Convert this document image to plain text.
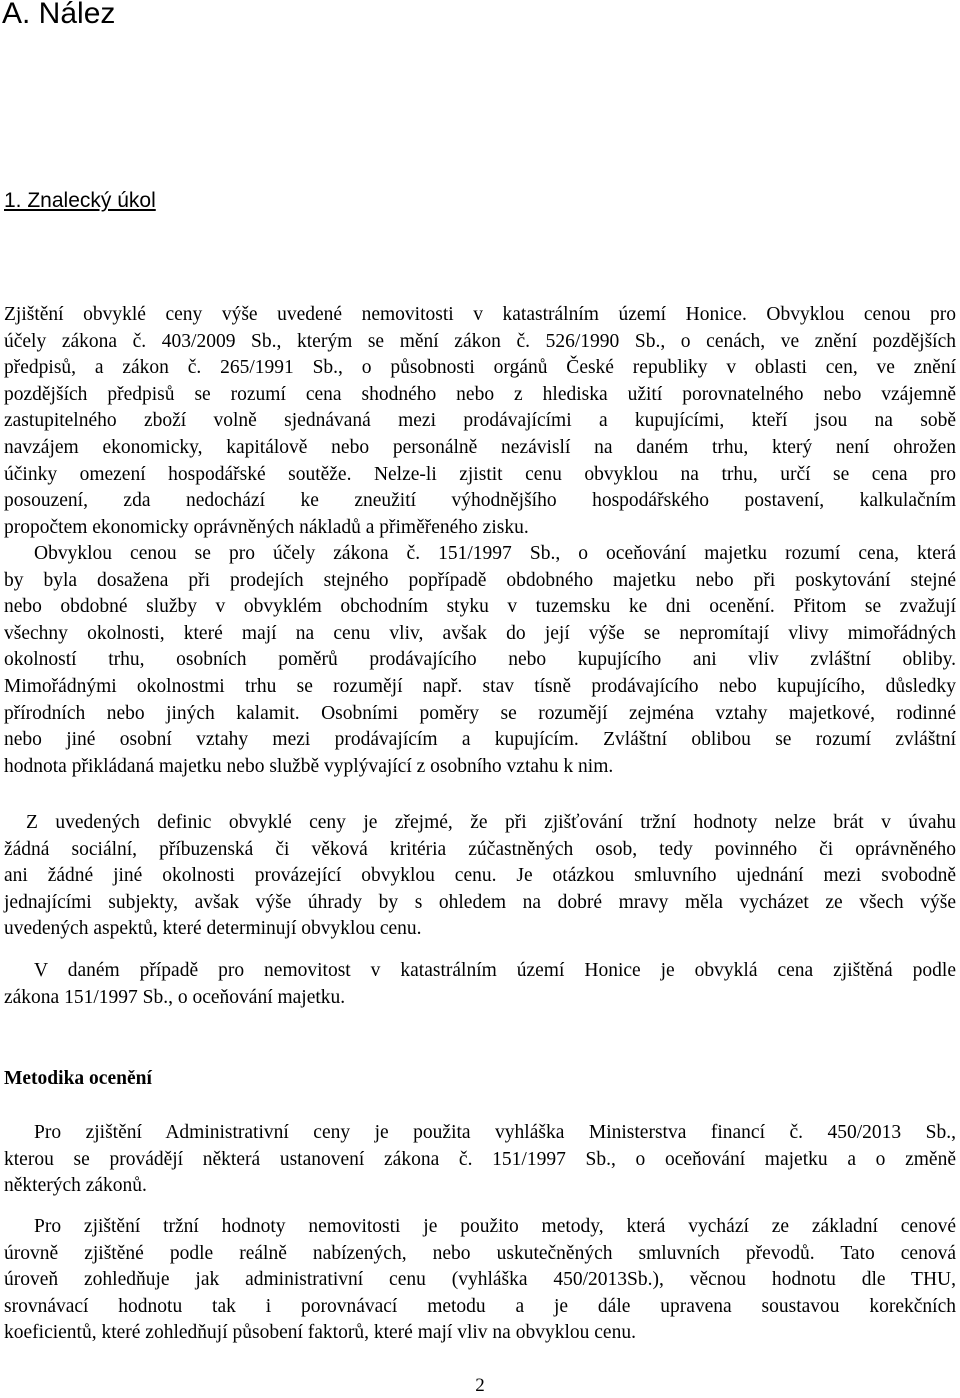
A. Nález
1. Znalecký úkol
Zjištění obvyklé ceny výše uvedené nemovitosti v katastrálním území Honice. Obvyklou cenou pro
účely zákona č. 403/2009 Sb., kterým se mění zákon č. 526/1990 Sb., o cenách, ve znění pozdějších
předpisů, a zákon č. 265/1991 Sb., o působnosti orgánů České republiky v oblasti cen, ve znění
pozdějších předpisů se rozumí cena shodného nebo z hlediska užití porovnatelného nebo vzájemně
zastupitelného zboží volně sjednávaná mezi prodávajícími a kupujícími, kteří jsou na sobě
navzájem ekonomicky, kapitálově nebo personálně nezávislí na daném trhu, který není ohrožen
účinky omezení hospodářské soutěže. Nelze-li zjistit cenu obvyklou na trhu, určí se cena pro
posouzení, zda nedochází ke zneužití výhodnějšího hospodářského postavení, kalkulačním
propočtem ekonomicky oprávněných nákladů a přiměřeného zisku.
Obvyklou cenou se pro účely zákona č. 151/1997 Sb., o oceňování majetku rozumí cena, která
by byla dosažena při prodejích stejného popřípadě obdobného majetku nebo při poskytování stejné
nebo obdobné služby v obvyklém obchodním styku v tuzemsku ke dni ocenění. Přitom se zvažují
všechny okolnosti, které mají na cenu vliv, avšak do její výše se nepromítají vlivy mimořádných
okolností trhu, osobních poměrů prodávajícího nebo kupujícího ani vliv zvláštní obliby.
Mimořádnými okolnostmi trhu se rozumějí např. stav tísně prodávajícího nebo kupujícího, důsledky
přírodních nebo jiných kalamit. Osobními poměry se rozumějí zejména vztahy majetkové, rodinné
nebo jiné osobní vztahy mezi prodávajícím a kupujícím. Zvláštní oblibou se rozumí zvláštní
hodnota přikládaná majetku nebo službě vyplývající z osobního vztahu k nim.
Z uvedených definic obvyklé ceny je zřejmé, že při zjišťování tržní hodnoty nelze brát v úvahu
žádná sociální, příbuzenská či věková kritéria zúčastněných osob, tedy povinného či oprávněného
ani žádné jiné okolnosti provázející obvyklou cenu. Je otázkou smluvního ujednání mezi svobodně
jednajícími subjekty, avšak výše úhrady by s ohledem na dobré mravy měla vycházet ze všech výše
uvedených aspektů, které determinují obvyklou cenu.
V daném případě pro nemovitost v katastrálním území Honice je obvyklá cena zjištěná podle
zákona 151/1997 Sb., o oceňování majetku.
Metodika ocenění
Pro zjištění Administrativní ceny je použita vyhláška Ministerstva financí č. 450/2013 Sb.,
kterou se provádějí některá ustanovení zákona č. 151/1997 Sb., o oceňování majetku a o změně
některých zákonů.
Pro zjištění tržní hodnoty nemovitosti je použito metody, která vychází ze základní cenové
úrovně zjištěné podle reálně nabízených, nebo uskutečněných smluvních převodů. Tato cenová
úroveň zohledňuje jak administrativní cenu (vyhláška 450/2013Sb.), věcnou hodnotu dle THU,
srovnávací hodnotu tak i porovnávací metodu a je dále upravena soustavou korekčních
koeficientů, které zohledňují působení faktorů, které mají vliv na obvyklou cenu.
2
